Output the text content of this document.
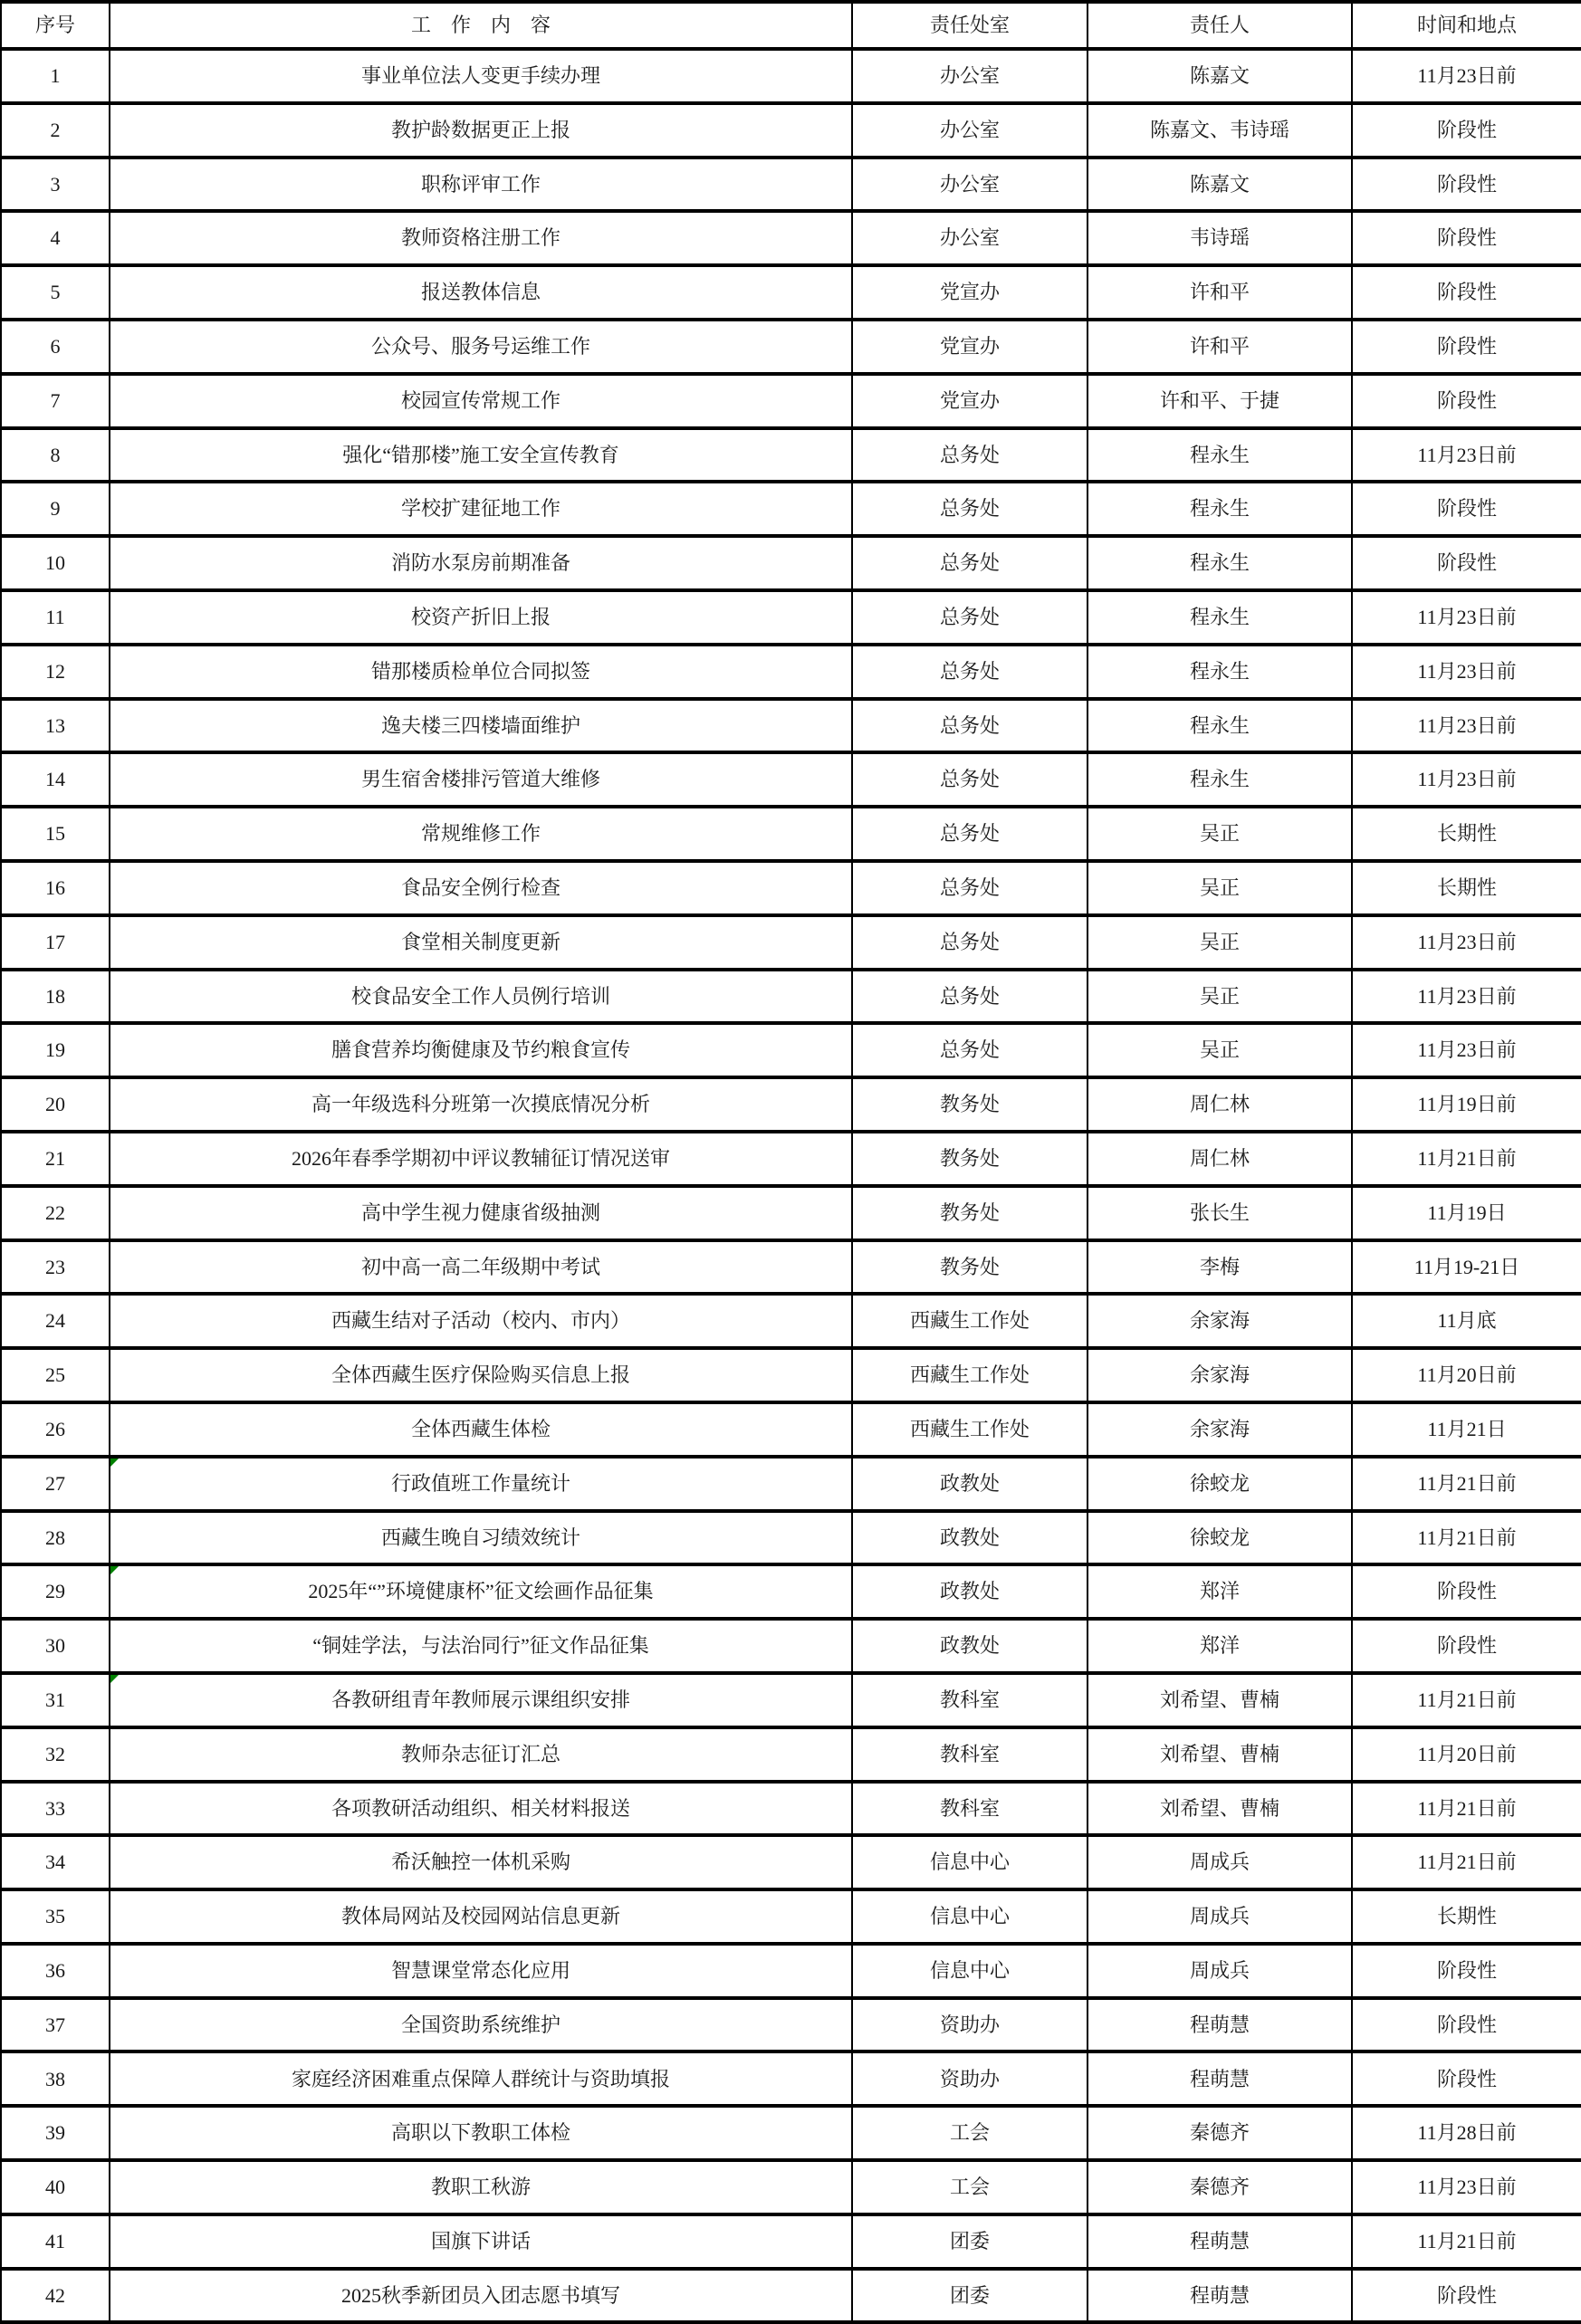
序号	工　作　内　容	责任处室	责任人	时间和地点
1	事业单位法人变更手续办理	办公室	陈嘉文	11月23日前
2	教护龄数据更正上报	办公室	陈嘉文、韦诗瑶	阶段性
3	职称评审工作	办公室	陈嘉文	阶段性
4	教师资格注册工作	办公室	韦诗瑶	阶段性
5	报送教体信息	党宣办	许和平	阶段性
6	公众号、服务号运维工作	党宣办	许和平	阶段性
7	校园宣传常规工作	党宣办	许和平、于捷	阶段性
8	强化“错那楼”施工安全宣传教育	总务处	程永生	11月23日前
9	学校扩建征地工作	总务处	程永生	阶段性
10	消防水泵房前期准备	总务处	程永生	阶段性
11	校资产折旧上报	总务处	程永生	11月23日前
12	错那楼质检单位合同拟签	总务处	程永生	11月23日前
13	逸夫楼三四楼墙面维护	总务处	程永生	11月23日前
14	男生宿舍楼排污管道大维修	总务处	程永生	11月23日前
15	常规维修工作	总务处	吴正	长期性
16	食品安全例行检查	总务处	吴正	长期性
17	食堂相关制度更新	总务处	吴正	11月23日前
18	校食品安全工作人员例行培训	总务处	吴正	11月23日前
19	膳食营养均衡健康及节约粮食宣传	总务处	吴正	11月23日前
20	高一年级选科分班第一次摸底情况分析	教务处	周仁林	11月19日前
21	2026年春季学期初中评议教辅征订情况送审	教务处	周仁林	11月21日前
22	高中学生视力健康省级抽测	教务处	张长生	11月19日
23	初中高一高二年级期中考试	教务处	李梅	11月19-21日
24	西藏生结对子活动（校内、市内）	西藏生工作处	余家海	11月底
25	全体西藏生医疗保险购买信息上报	西藏生工作处	余家海	11月20日前
26	全体西藏生体检	西藏生工作处	余家海	11月21日
27	行政值班工作量统计	政教处	徐蛟龙	11月21日前
28	西藏生晚自习绩效统计	政教处	徐蛟龙	11月21日前
29	2025年“”环境健康杯”征文绘画作品征集	政教处	郑洋	阶段性
30	“铜娃学法，与法治同行”征文作品征集	政教处	郑洋	阶段性
31	各教研组青年教师展示课组织安排	教科室	刘希望、曹楠	11月21日前
32	教师杂志征订汇总	教科室	刘希望、曹楠	11月20日前
33	各项教研活动组织、相关材料报送	教科室	刘希望、曹楠	11月21日前
34	希沃触控一体机采购	信息中心	周成兵	11月21日前
35	教体局网站及校园网站信息更新	信息中心	周成兵	长期性
36	智慧课堂常态化应用	信息中心	周成兵	阶段性
37	全国资助系统维护	资助办	程萌慧	阶段性
38	家庭经济困难重点保障人群统计与资助填报	资助办	程萌慧	阶段性
39	高职以下教职工体检	工会	秦德齐	11月28日前
40	教职工秋游	工会	秦德齐	11月23日前
41	国旗下讲话	团委	程萌慧	11月21日前
42	2025秋季新团员入团志愿书填写	团委	程萌慧	阶段性
